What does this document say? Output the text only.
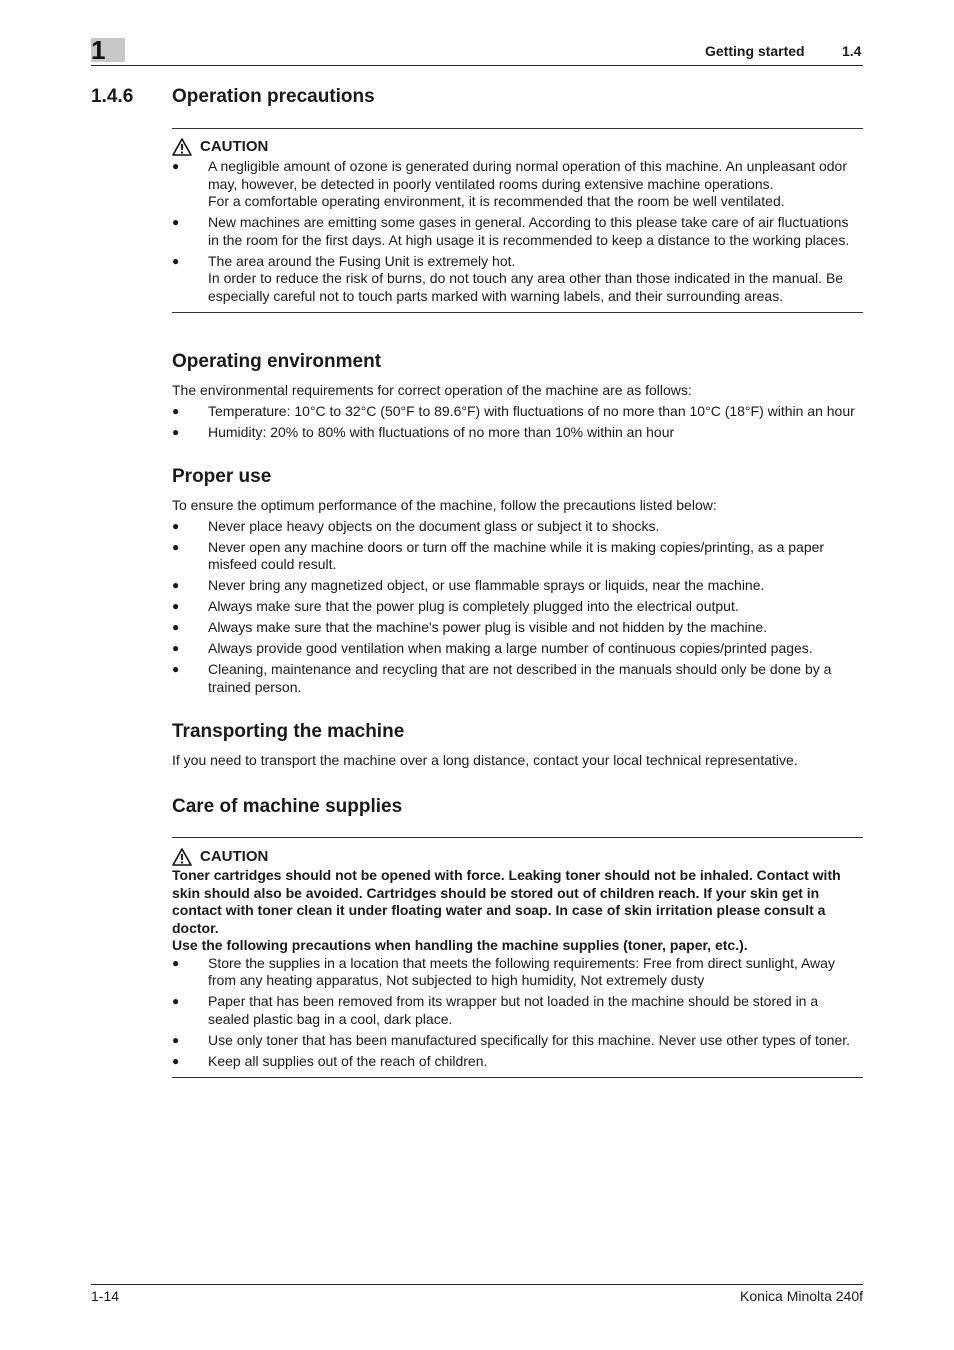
1	Getting started	1.4
1.4.6 Operation precautions
CAUTION
● A negligible amount of ozone is generated during normal operation of this machine. An unpleasant odor
may, however, be detected in poorly ventilated rooms during extensive machine operations.
For a comfortable operating environment, it is recommended that the room be well ventilated.
● New machines are emitting some gases in general. According to this please take care of air fluctuations
in the room for the first days. At high usage it is recommended to keep a distance to the working places.
● The area around the Fusing Unit is extremely hot.
In order to reduce the risk of burns, do not touch any area other than those indicated in the manual. Be
especially careful not to touch parts marked with warning labels, and their surrounding areas.
Operating environment
The environmental requirements for correct operation of the machine are as follows:
● Temperature: 10°C to 32°C (50°F to 89.6°F) with fluctuations of no more than 10°C (18°F) within an hour
● Humidity: 20% to 80% with fluctuations of no more than 10% within an hour
Proper use
To ensure the optimum performance of the machine, follow the precautions listed below:
● Never place heavy objects on the document glass or subject it to shocks.
● Never open any machine doors or turn off the machine while it is making copies/printing, as a paper
misfeed could result.
● Never bring any magnetized object, or use flammable sprays or liquids, near the machine.
● Always make sure that the power plug is completely plugged into the electrical output.
● Always make sure that the machine's power plug is visible and not hidden by the machine.
● Always provide good ventilation when making a large number of continuous copies/printed pages.
● Cleaning, maintenance and recycling that are not described in the manuals should only be done by a
trained person.
Transporting the machine
If you need to transport the machine over a long distance, contact your local technical representative.
Care of machine supplies
CAUTION
Toner cartridges should not be opened with force. Leaking toner should not be inhaled. Contact with
skin should also be avoided. Cartridges should be stored out of children reach. If your skin get in
contact with toner clean it under floating water and soap. In case of skin irritation please consult a
doctor.
Use the following precautions when handling the machine supplies (toner, paper, etc.).
● Store the supplies in a location that meets the following requirements: Free from direct sunlight, Away
from any heating apparatus, Not subjected to high humidity, Not extremely dusty
● Paper that has been removed from its wrapper but not loaded in the machine should be stored in a
sealed plastic bag in a cool, dark place.
● Use only toner that has been manufactured specifically for this machine. Never use other types of toner.
● Keep all supplies out of the reach of children.
1-14	Konica Minolta 240f
